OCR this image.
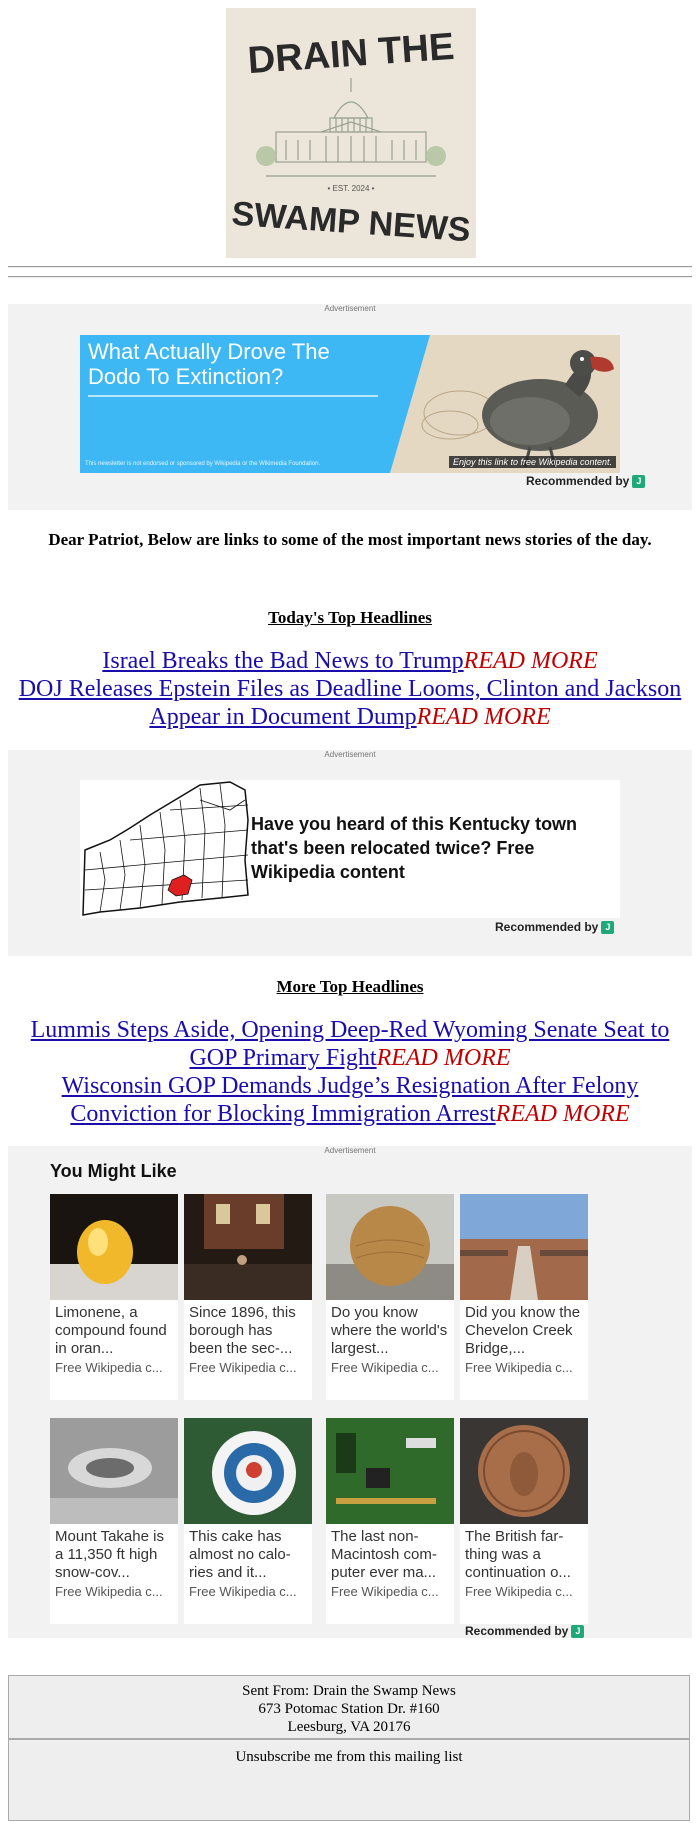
DRAIN THE
• EST. 2024 •
SWAMP NEWS
Advertisement
Recommended by J
What Actually Drove The Dodo To Extinction?
This newsletter is not endorsed or sponsored by Wikipedia or the Wikimedia Foundation.	Enjoy this link to free Wikipedia content.
Dear Patriot, Below are links to some of the most important news stories of the day.
Today's Top Headlines
Israel Breaks the Bad News to TrumpREAD MORE
DOJ Releases Epstein Files as Deadline Looms, Clinton and Jackson Appear in Document DumpREAD MORE
Advertisement
Recommended by J
Have you heard of this Kentucky town that's been relocated twice? Free Wikipedia content
More Top Headlines
Lummis Steps Aside, Opening Deep-Red Wyoming Senate Seat to GOP Primary FightREAD MORE
Wisconsin GOP Demands Judge’s Resignation After Felony Conviction for Blocking Immigration ArrestREAD MORE
Advertisement
You Might Like
Limonene, a compound found in oran...
Free Wikipedia c...
Since 1896, this borough has been the sec-...
Free Wikipedia c...
Do you know where the world's largest...
Free Wikipedia c...
Did you know the Chevelon Creek Bridge,...
Free Wikipedia c...
Mount Takahe is a 11,350 ft high snow-cov...
Free Wikipedia c...
This cake has almost no calo-ries and it...
Free Wikipedia c...
The last non-Macintosh com-puter ever ma...
Free Wikipedia c...
The British far-thing was a continuation o...
Free Wikipedia c...
Recommended by J
Sent From: Drain the Swamp News
673 Potomac Station Dr. #160
Leesburg, VA 20176
Unsubscribe me from this mailing list
